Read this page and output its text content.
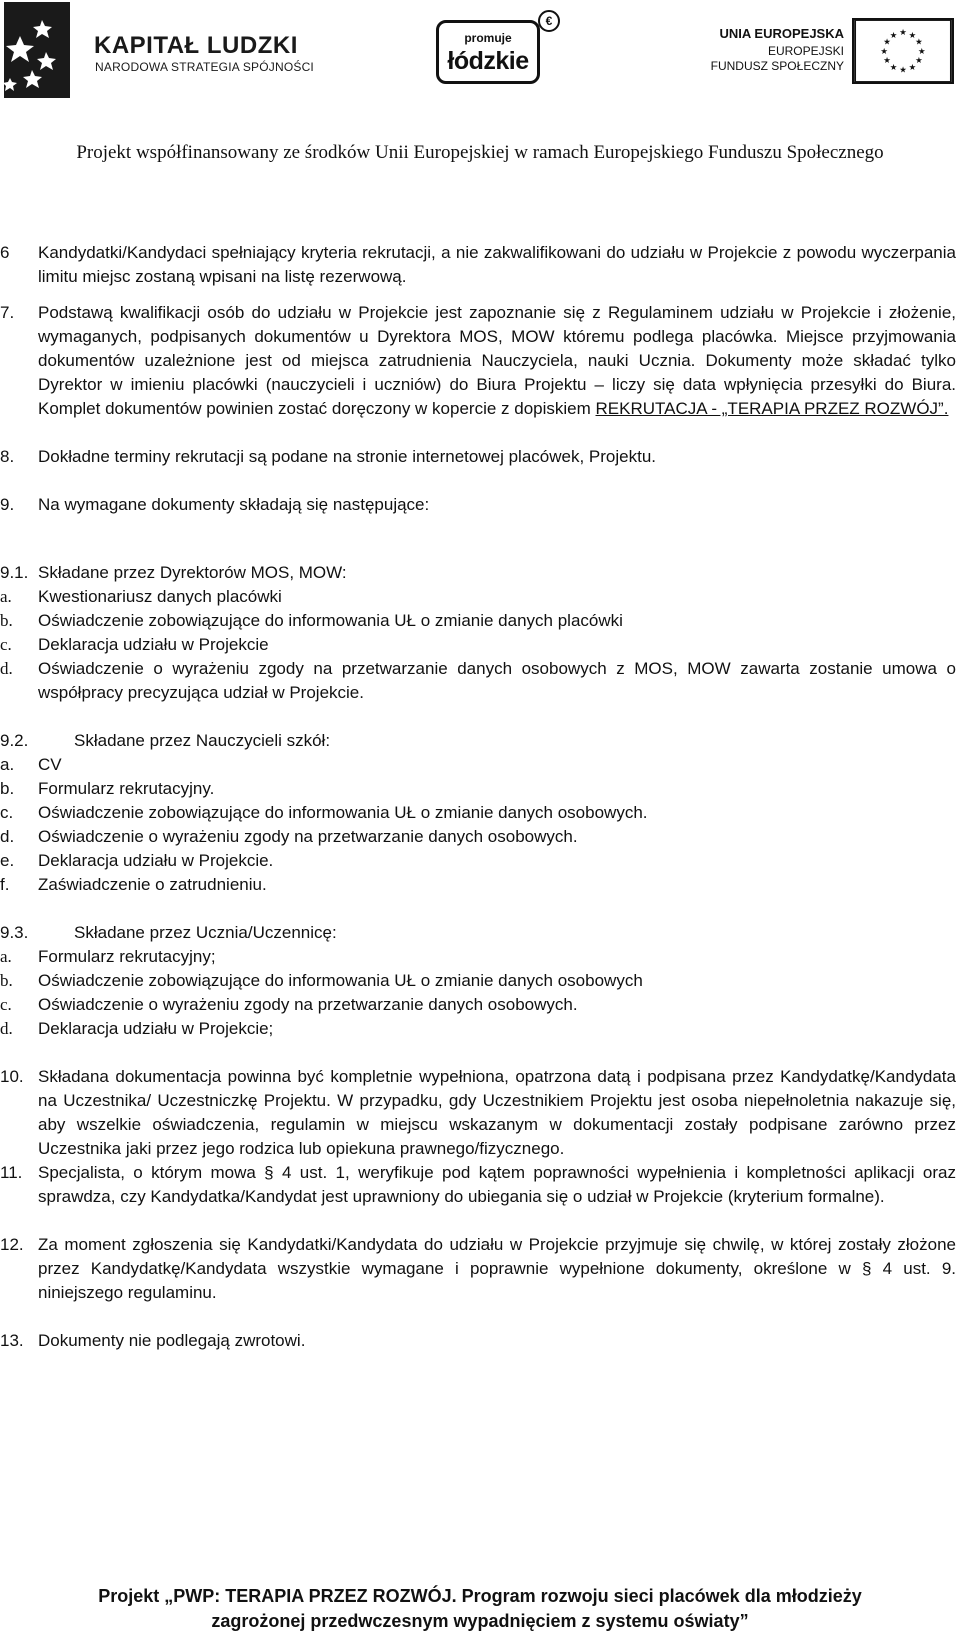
KAPITAŁ LUDZKI
NARODOWA STRATEGIA SPÓJNOŚCI
promuje
łódzkie
€
UNIA EUROPEJSKA
EUROPEJSKI
FUNDUSZ SPOŁECZNY
★ ★
★
★
★
★
★
★
★
★
★
★
Projekt współfinansowany ze środków Unii Europejskiej w ramach Europejskiego Funduszu Społecznego
6 Kandydatki/Kandydaci spełniający kryteria rekrutacji, a nie zakwalifikowani do udziału w Projekcie z powodu wyczerpania limitu miejsc zostaną wpisani na listę rezerwową.
7. Podstawą kwalifikacji osób do udziału w Projekcie jest zapoznanie się z Regulaminem udziału w Projekcie i złożenie, wymaganych, podpisanych dokumentów u Dyrektora MOS, MOW któremu podlega placówka. Miejsce przyjmowania dokumentów uzależnione jest od miejsca zatrudnienia Nauczyciela, nauki Ucznia. Dokumenty może składać tylko Dyrektor w imieniu placówki (nauczycieli i uczniów) do Biura Projektu – liczy się data wpłynięcia przesyłki do Biura. Komplet dokumentów powinien zostać doręczony w kopercie z dopiskiem REKRUTACJA - „TERAPIA PRZEZ ROZWÓJ”.
8. Dokładne terminy rekrutacji są podane na stronie internetowej placówek, Projektu.
9. Na wymagane dokumenty składają się następujące:
9.1. Składane przez Dyrektorów MOS, MOW:
a. Kwestionariusz danych placówki
b. Oświadczenie zobowiązujące do informowania UŁ o zmianie danych placówki
c. Deklaracja udziału w Projekcie
d. Oświadczenie o wyrażeniu zgody na przetwarzanie danych osobowych z MOS, MOW zawarta zostanie umowa o współpracy precyzująca udział w Projekcie.
9.2.	Składane przez Nauczycieli szkół:
a. CV
b. Formularz rekrutacyjny.
c. Oświadczenie zobowiązujące do informowania UŁ o zmianie danych osobowych.
d. Oświadczenie o wyrażeniu zgody na przetwarzanie danych osobowych.
e. Deklaracja udziału w Projekcie.
f. Zaświadczenie o zatrudnieniu.
9.3.	Składane przez Ucznia/Uczennicę:
a. Formularz rekrutacyjny;
b. Oświadczenie zobowiązujące do informowania UŁ o zmianie danych osobowych
c. Oświadczenie o wyrażeniu zgody na przetwarzanie danych osobowych.
d. Deklaracja udziału w Projekcie;
10. Składana dokumentacja powinna być kompletnie wypełniona, opatrzona datą i podpisana przez Kandydatkę/Kandydata na Uczestnika/ Uczestniczkę Projektu. W przypadku, gdy Uczestnikiem Projektu jest osoba niepełnoletnia nakazuje się, aby wszelkie oświadczenia, regulamin w miejscu wskazanym w dokumentacji zostały podpisane zarówno przez Uczestnika jaki przez jego rodzica lub opiekuna prawnego/fizycznego.
11. Specjalista, o którym mowa § 4 ust. 1, weryfikuje pod kątem poprawności wypełnienia i kompletności aplikacji oraz sprawdza, czy Kandydatka/Kandydat jest uprawniony do ubiegania się o udział w Projekcie (kryterium formalne).
12. Za moment zgłoszenia się Kandydatki/Kandydata do udziału w Projekcie przyjmuje się chwilę, w której zostały złożone przez Kandydatkę/Kandydata wszystkie wymagane i poprawnie wypełnione dokumenty, określone w § 4 ust. 9. niniejszego regulaminu.
13. Dokumenty nie podlegają zwrotowi.
Projekt „PWP: TERAPIA PRZEZ ROZWÓJ. Program rozwoju sieci placówek dla młodzieży
zagrożonej przedwczesnym wypadnięciem z systemu oświaty”
